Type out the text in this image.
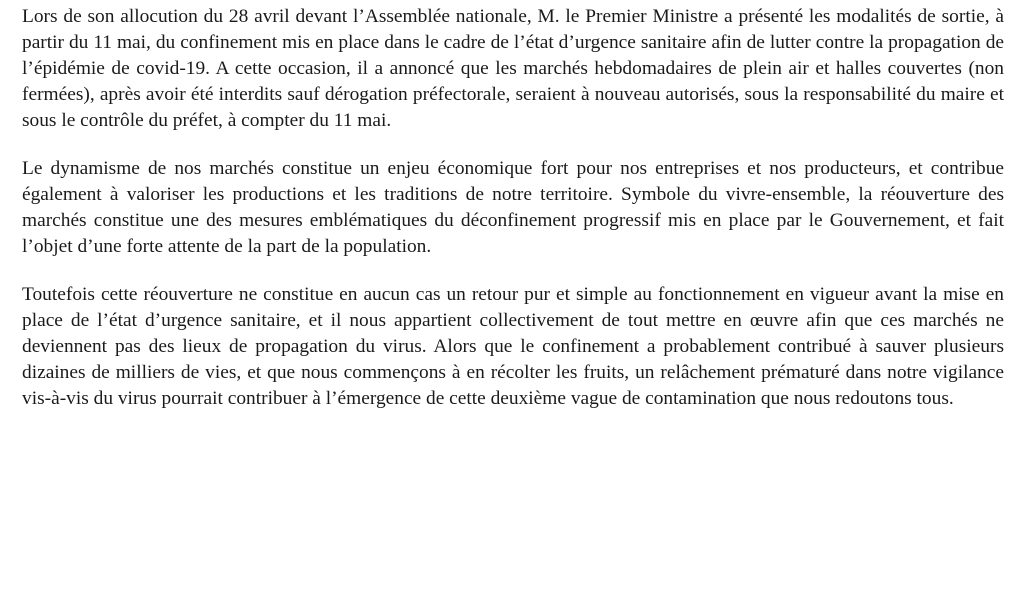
Lors de son allocution du 28 avril devant l’Assemblée nationale, M. le Premier Ministre a présenté les modalités de sortie, à partir du 11 mai, du confinement mis en place dans le cadre de l’état d’urgence sanitaire afin de lutter contre la propagation de l’épidémie de covid-19. A cette occasion, il a annoncé que les marchés hebdomadaires de plein air et halles couvertes (non fermées), après avoir été interdits sauf dérogation préfectorale, seraient à nouveau autorisés, sous la responsabilité du maire et sous le contrôle du préfet, à compter du 11 mai.

Le dynamisme de nos marchés constitue un enjeu économique fort pour nos entreprises et nos producteurs, et contribue également à valoriser les productions et les traditions de notre territoire. Symbole du vivre-ensemble, la réouverture des marchés constitue une des mesures emblématiques du déconfinement progressif mis en place par le Gouvernement, et fait l’objet d’une forte attente de la part de la population.

Toutefois cette réouverture ne constitue en aucun cas un retour pur et simple au fonctionnement en vigueur avant la mise en place de l’état d’urgence sanitaire, et il nous appartient collectivement de tout mettre en œuvre afin que ces marchés ne deviennent pas des lieux de propagation du virus. Alors que le confinement a probablement contribué à sauver plusieurs dizaines de milliers de vies, et que nous commençons à en récolter les fruits, un relâchement prématuré dans notre vigilance vis-à-vis du virus pourrait contribuer à l’émergence de cette deuxième vague de contamination que nous redoutons tous.
